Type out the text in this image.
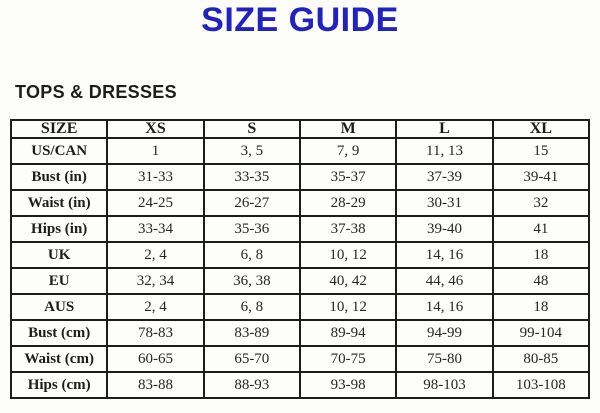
SIZE GUIDE
TOPS & DRESSES
SIZE	XS	S	M	L	XL
US/CAN	1	3, 5	7, 9	11, 13	15
Bust (in)	31-33	33-35	35-37	37-39	39-41
Waist (in)	24-25	26-27	28-29	30-31	32
Hips (in)	33-34	35-36	37-38	39-40	41
UK	2, 4	6, 8	10, 12	14, 16	18
EU	32, 34	36, 38	40, 42	44, 46	48
AUS	2, 4	6, 8	10, 12	14, 16	18
Bust (cm)	78-83	83-89	89-94	94-99	99-104
Waist (cm)	60-65	65-70	70-75	75-80	80-85
Hips (cm)	83-88	88-93	93-98	98-103	103-108
